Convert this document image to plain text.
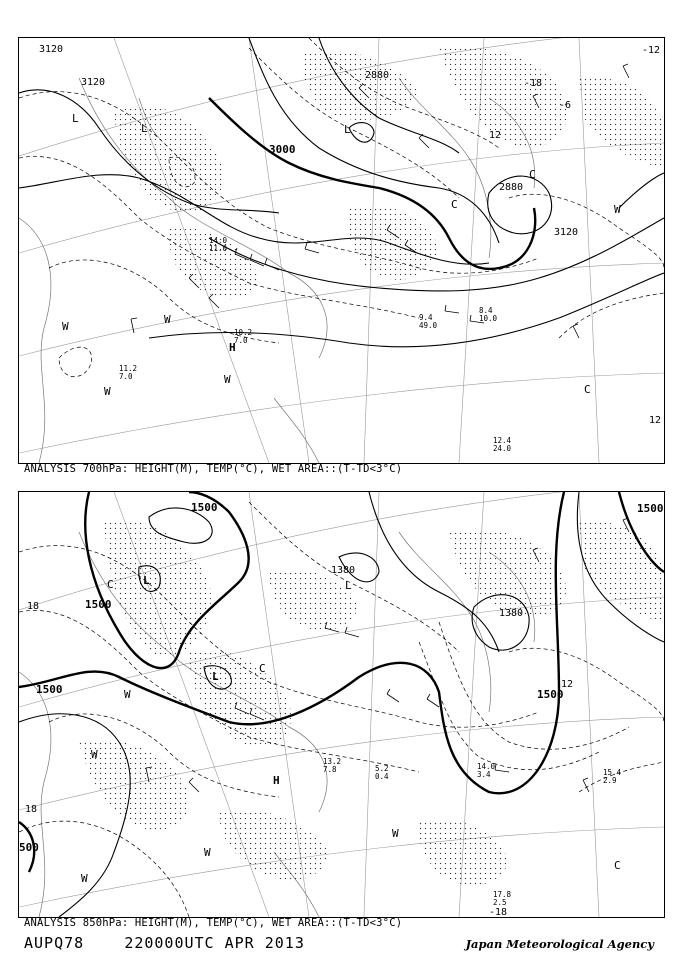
3120
3120
3000
2880
2880
3120
-12
-18
-6
12
12
L
L	L
H
W
W
W
W
W
C
C
C
12.4
24.0
9.4
49.0
10.2
7.0
8.4
10.0
11.2
7.0
14.0
11.0
ANALYSIS 700hPa: HEIGHT(M), TEMP(°C), WET AREA::(T-TD<3°C)
1500
1500
1500
1380
1380
1500
1500
500
18
18
12
-18
L
L
L
H
W
W
W
W
W
C
C
C
17.8
2.5
15.4
2.9
14.0
3.4
13.2
7.8	5.2
0.4
ANALYSIS 850hPa: HEIGHT(M), TEMP(°C), WET AREA::(T-TD<3°C)
AUPQ78	220000UTC APR 2013	Japan Meteorological Agency
